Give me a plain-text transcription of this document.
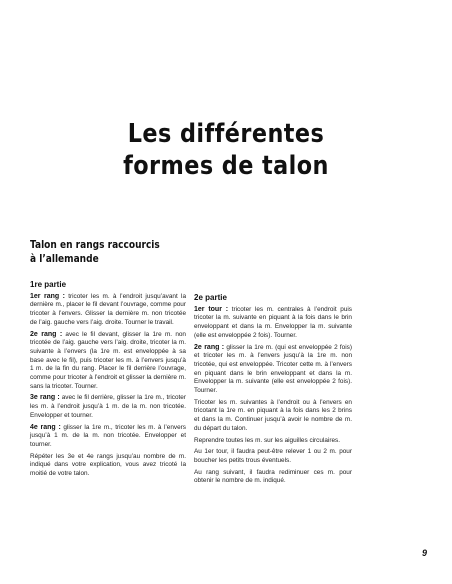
Les différentes
formes de talon
Talon en rangs raccourcis
à l’allemande
1re partie

1er rang : tricoter les m. à l’endroit jusqu’avant la dernière m., placer le fil devant l’ouvrage, comme pour tricoter à l’envers. Glisser la dernière m. non tricotée de l’aig. gauche vers l’aig. droite. Tourner le travail.

2e rang : avec le fil devant, glisser la 1re m. non tricotée de l’aig. gauche vers l’aig. droite, tricoter la m. suivante à l’envers (la 1re m. est enveloppée à sa base avec le fil), puis tricoter les m. à l’envers jusqu’à 1 m. de la fin du rang. Placer le fil derrière l’ouvrage, comme pour tricoter à l’endroit et glisser la dernière m. sans la tricoter. Tourner.

3e rang : avec le fil derrière, glisser la 1re m., tricoter les m. à l’endroit jusqu’à 1 m. de la m. non tricotée. Envelopper et tourner.

4e rang : glisser la 1re m., tricoter les m. à l’envers jusqu’à 1 m. de la m. non tricotée. Envelopper et tourner.

Répéter les 3e et 4e rangs jusqu’au nombre de m. indiqué dans votre explication, vous avez tricoté la moitié de votre talon.

2e partie

1er tour : tricoter les m. centrales à l’endroit puis tricoter la m. suivante en piquant à la fois dans le brin enveloppant et dans la m. Envelopper la m. suivante (elle est enveloppée 2 fois). Tourner.

2e rang : glisser la 1re m. (qui est enveloppée 2 fois) et tricoter les m. à l’envers jusqu’à la 1re m. non tricotée, qui est enveloppée. Tricoter cette m. à l’envers en piquant dans le brin enveloppant et dans la m. Envelopper la m. suivante (elle est enveloppée 2 fois). Tourner.

Tricoter les m. suivantes à l’endroit ou à l’envers en tricotant la 1re m. en piquant à la fois dans les 2 brins et dans la m. Continuer jusqu’à avoir le nombre de m. du départ du talon.

Reprendre toutes les m. sur les aiguilles circulaires.

Au 1er tour, il faudra peut-être relever 1 ou 2 m. pour boucher les petits trous éventuels.

Au rang suivant, il faudra rediminuer ces m. pour obtenir le nombre de m. indiqué.

9
